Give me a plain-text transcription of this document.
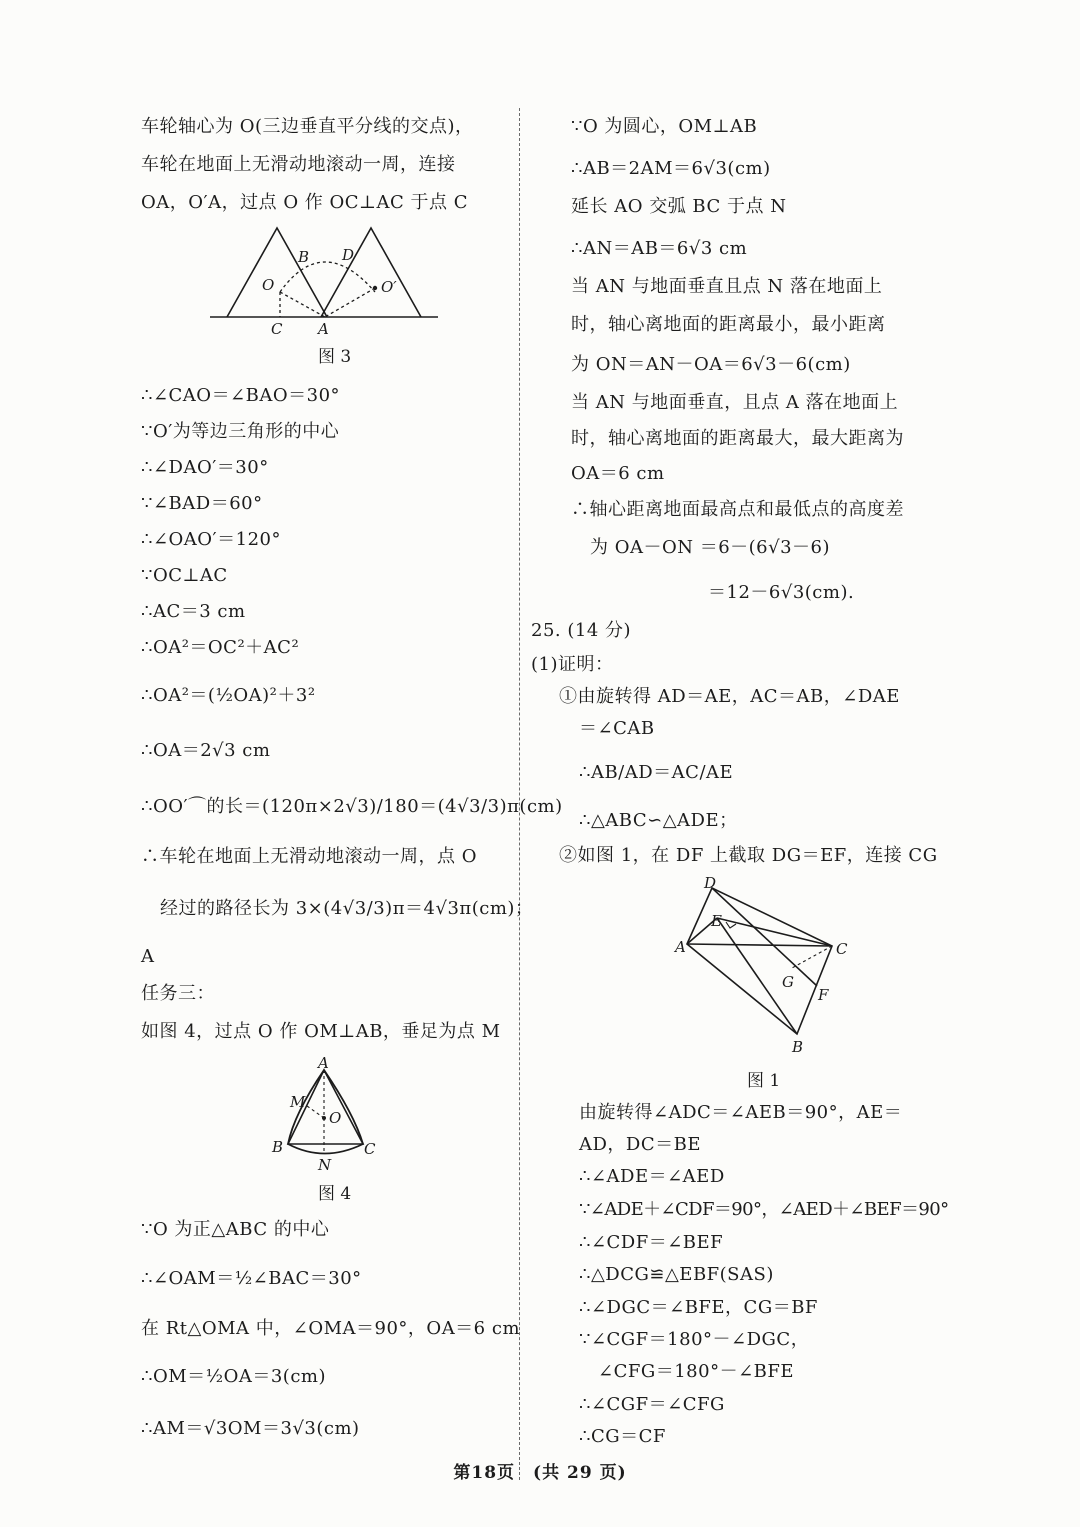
车轮轴心为 O(三边垂直平分线的交点)，
车轮在地面上无滑动地滚动一周，连接
OA，O′A，过点 O 作 OC⊥AC 于点 C
B D
O	O′
C A
图 3
∴∠CAO＝∠BAO＝30°
∵O′为等边三角形的中心
∴∠DAO′＝30°
∵∠BAD＝60°
∴∠OAO′＝120°
∵OC⊥AC
∴AC＝3 cm
∴OA²＝OC²＋AC²
∴OA²＝(½OA)²＋3²
∴OA＝2√3 cm
∴OO′⌒的长＝(120π×2√3)/180＝(4√3/3)π(cm)
∴车轮在地面上无滑动地滚动一周，点 O
经过的路径长为 3×(4√3/3)π＝4√3π(cm)；
A
任务三：
如图 4，过点 O 作 OM⊥AB，垂足为点 M
A
M
O
B
N
C
图 4
∵O 为正△ABC 的中心
∴∠OAM＝½∠BAC＝30°
在 Rt△OMA 中，∠OMA＝90°，OA＝6 cm
∴OM＝½OA＝3(cm)
∴AM＝√3OM＝3√3(cm)
∵O 为圆心，OM⊥AB
∴AB＝2AM＝6√3(cm)
延长 AO 交弧 BC 于点 N
∴AN＝AB＝6√3 cm
当 AN 与地面垂直且点 N 落在地面上
时，轴心离地面的距离最小，最小距离
为 ON＝AN－OA＝6√3－6(cm)
当 AN 与地面垂直，且点 A 落在地面上
时，轴心离地面的距离最大，最大距离为
OA＝6 cm
∴轴心距离地面最高点和最低点的高度差
为 OA－ON ＝6－(6√3－6)
＝12－6√3(cm).
25. (14 分)
(1)证明：
①由旋转得 AD＝AE，AC＝AB，∠DAE
＝∠CAB
∴AB/AD＝AC/AE
∴△ABC∽△ADE；
②如图 1，在 DF 上截取 DG＝EF，连接 CG
D
E
A	C
G
F
B
图 1
由旋转得∠ADC＝∠AEB＝90°，AE＝
AD，DC＝BE
∴∠ADE＝∠AED
∵∠ADE＋∠CDF＝90°，∠AED＋∠BEF＝90°
∴∠CDF＝∠BEF
∴△DCG≌△EBF(SAS)
∴∠DGC＝∠BFE，CG＝BF
∵∠CGF＝180°－∠DGC，
∠CFG＝180°－∠BFE
∴∠CGF＝∠CFG
∴CG＝CF
第18页　(共 29 页)
